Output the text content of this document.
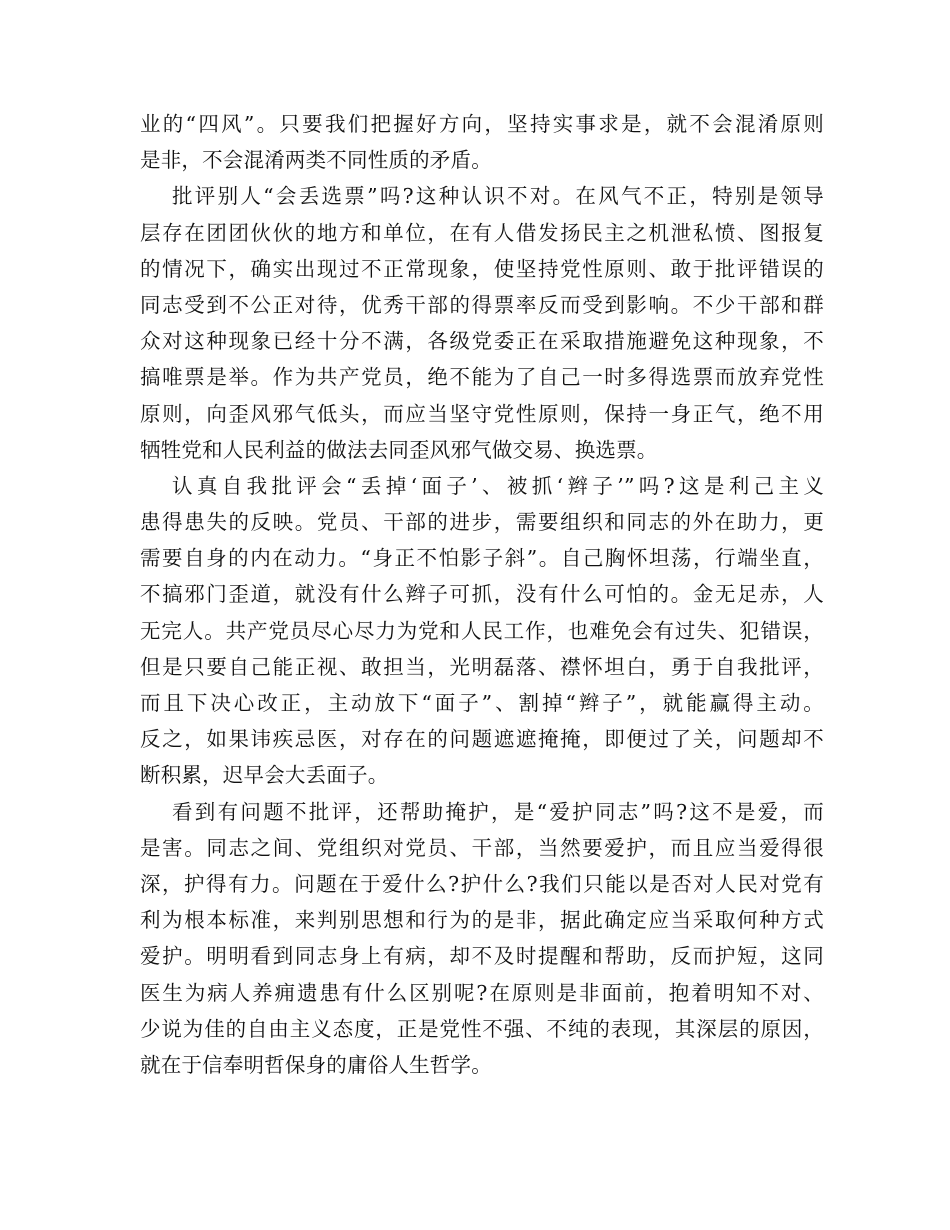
业的“四风”。只要我们把握好方向，坚持实事求是，就不会混淆原则
是非，不会混淆两类不同性质的矛盾。
批评别人“会丢选票”吗?这种认识不对。在风气不正，特别是领导
层存在团团伙伙的地方和单位，在有人借发扬民主之机泄私愤、图报复
的情况下，确实出现过不正常现象，使坚持党性原则、敢于批评错误的
同志受到不公正对待，优秀干部的得票率反而受到影响。不少干部和群
众对这种现象已经十分不满，各级党委正在采取措施避免这种现象，不
搞唯票是举。作为共产党员，绝不能为了自己一时多得选票而放弃党性
原则，向歪风邪气低头，而应当坚守党性原则，保持一身正气，绝不用
牺牲党和人民利益的做法去同歪风邪气做交易、换选票。
认真自我批评会“丢掉‘面子’、被抓‘辫子’”吗?这是利己主义
患得患失的反映。党员、干部的进步，需要组织和同志的外在助力，更
需要自身的内在动力。“身正不怕影子斜”。自己胸怀坦荡，行端坐直，
不搞邪门歪道，就没有什么辫子可抓，没有什么可怕的。金无足赤，人
无完人。共产党员尽心尽力为党和人民工作，也难免会有过失、犯错误，
但是只要自己能正视、敢担当，光明磊落、襟怀坦白，勇于自我批评，
而且下决心改正，主动放下“面子”、割掉“辫子”，就能赢得主动。
反之，如果讳疾忌医，对存在的问题遮遮掩掩，即便过了关，问题却不
断积累，迟早会大丢面子。
看到有问题不批评，还帮助掩护，是“爱护同志”吗?这不是爱，而
是害。同志之间、党组织对党员、干部，当然要爱护，而且应当爱得很
深，护得有力。问题在于爱什么?护什么?我们只能以是否对人民对党有
利为根本标准，来判别思想和行为的是非，据此确定应当采取何种方式
爱护。明明看到同志身上有病，却不及时提醒和帮助，反而护短，这同
医生为病人养痈遗患有什么区别呢?在原则是非面前，抱着明知不对、
少说为佳的自由主义态度，正是党性不强、不纯的表现，其深层的原因，
就在于信奉明哲保身的庸俗人生哲学。
